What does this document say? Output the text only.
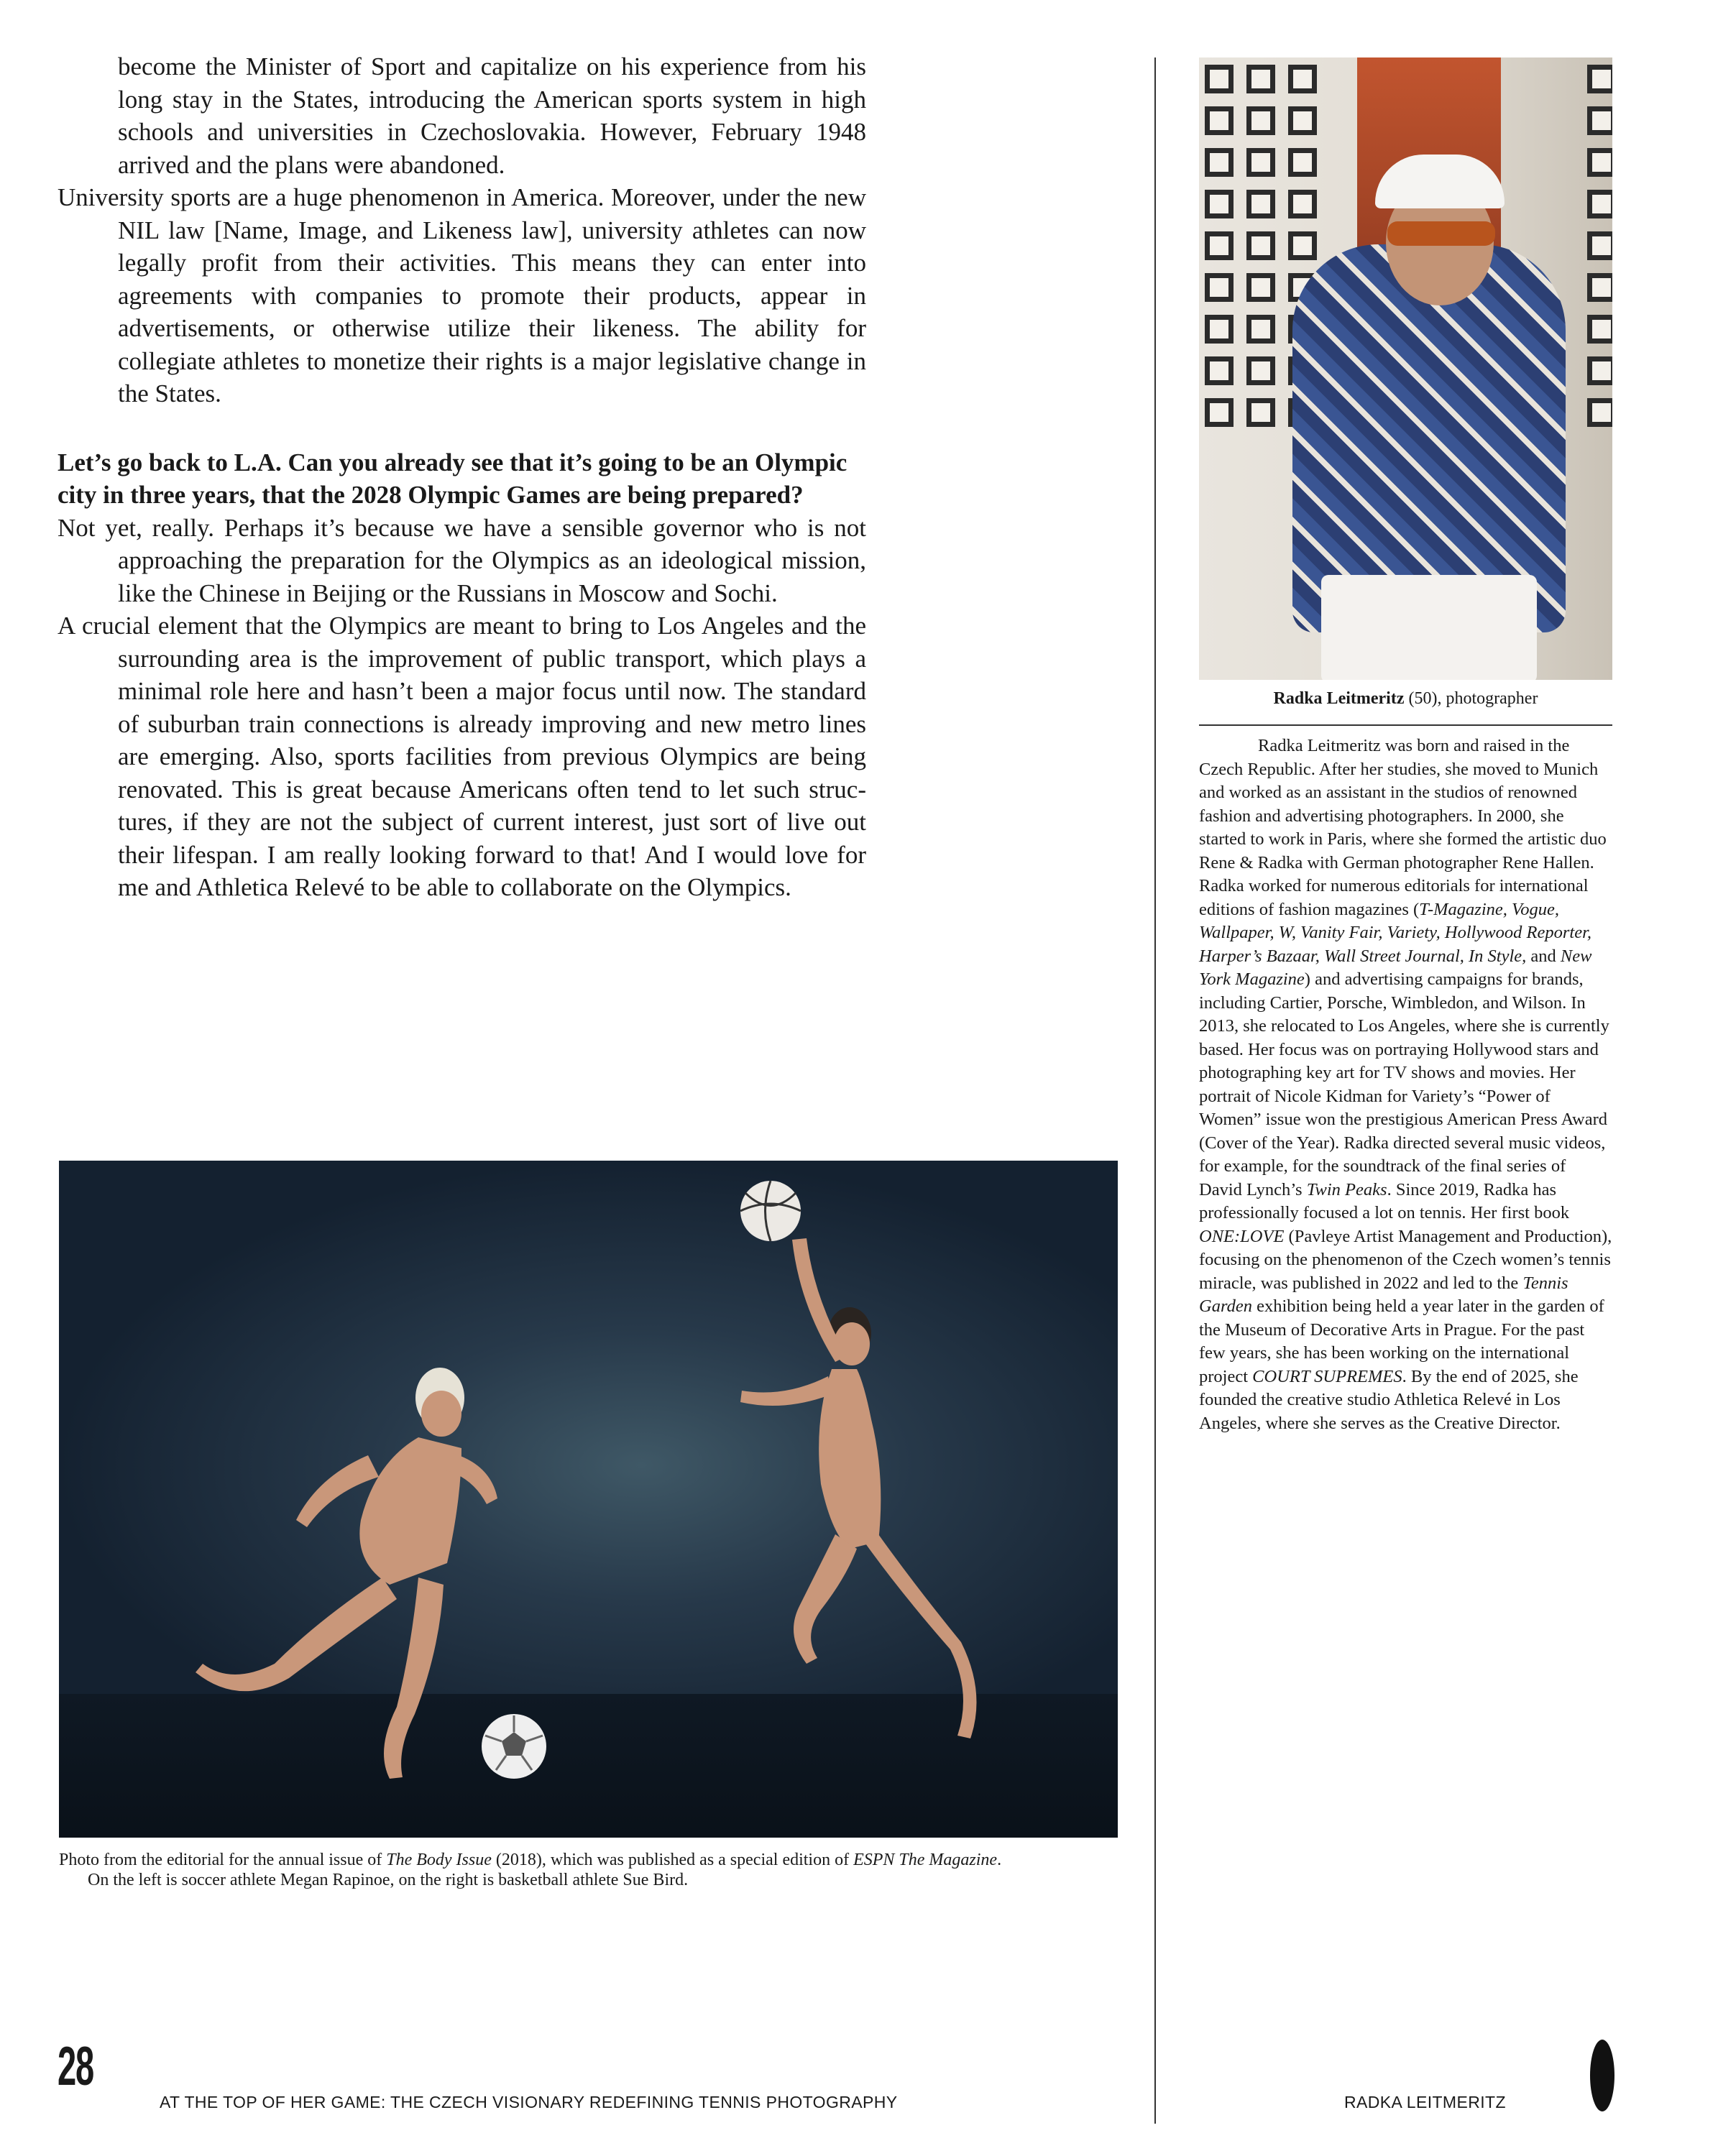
become the Minister of Sport and capitalize on his experience from his long stay in the States, introducing the American sports system in high schools and universities in Czechoslovakia. However, February 1948 arrived and the plans were abandoned.

University sports are a huge phenomenon in America. Moreover, under the new NIL law [Name, Image, and Likeness law], university athletes can now legally profit from their activities. This means they can enter into agreements with companies to promote their products, appear in advertisements, or otherwise utilize their likeness. The ability for collegiate athletes to monetize their rights is a major legislative change in the States.

Let’s go back to L.A. Can you already see that it’s going to be an Olympic city in three years, that the 2028 Olympic Games are being prepared?

Not yet, really. Perhaps it’s because we have a sensible governor who is not approaching the preparation for the Olympics as an ideological mission, like the Chinese in Beijing or the Russians in Moscow and Sochi.

A crucial element that the Olympics are meant to bring to Los Angeles and the surrounding area is the improvement of public transport, which plays a minimal role here and hasn’t been a major focus until now. The standard of suburban train connections is already improving and new metro lines are emerging. Also, sports facilities from previous Olympics are being renovated. This is great because Americans often tend to let such structures, if they are not the subject of current interest, just sort of live out their lifespan. I am really looking forward to that! And I would love for me and Athletica Relevé to be able to collaborate on the Olympics.

Photo from the editorial for the annual issue of The Body Issue (2018), which was published as a special edition of ESPN The Magazine. On the left is soccer athlete Megan Rapinoe, on the right is basketball athlete Sue Bird.
Radka Leitmeritz (50), photographer

Radka Leitmeritz was born and raised in the Czech Republic. After her studies, she moved to Munich and worked as an assistant in the studios of renowned fashion and advertising photographers. In 2000, she started to work in Paris, where she formed the artistic duo Rene & Radka with German photographer Rene Hallen. Radka worked for numerous editorials for international editions of fashion magazines (T-Magazine, Vogue, Wallpaper, W, Vanity Fair, Variety, Hollywood Reporter, Harper’s Bazaar, Wall Street Journal, In Style, and New York Magazine) and advertising campaigns for brands, including Cartier, Porsche, Wimbledon, and Wilson. In 2013, she relocated to Los Angeles, where she is currently based. Her focus was on portraying Hollywood stars and photographing key art for TV shows and movies. Her portrait of Nicole Kidman for Variety’s “Power of Women” issue won the prestigious American Press Award (Cover of the Year). Radka directed several music videos, for example, for the soundtrack of the final series of David Lynch’s Twin Peaks. Since 2019, Radka has professionally focused a lot on tennis. Her first book ONE:LOVE (Pavleye Artist Management and Production), focusing on the phenomenon of the Czech women’s tennis miracle, was published in 2022 and led to the Tennis Garden exhibition being held a year later in the garden of the Museum of Decorative Arts in Prague. For the past few years, she has been working on the international project COURT SUPREMES. By the end of 2025, she founded the creative studio Athletica Relevé in Los Angeles, where she serves as the Creative Director.

28
AT THE TOP OF HER GAME: THE CZECH VISIONARY REDEFINING TENNIS PHOTOGRAPHY	RADKA LEITMERITZ
